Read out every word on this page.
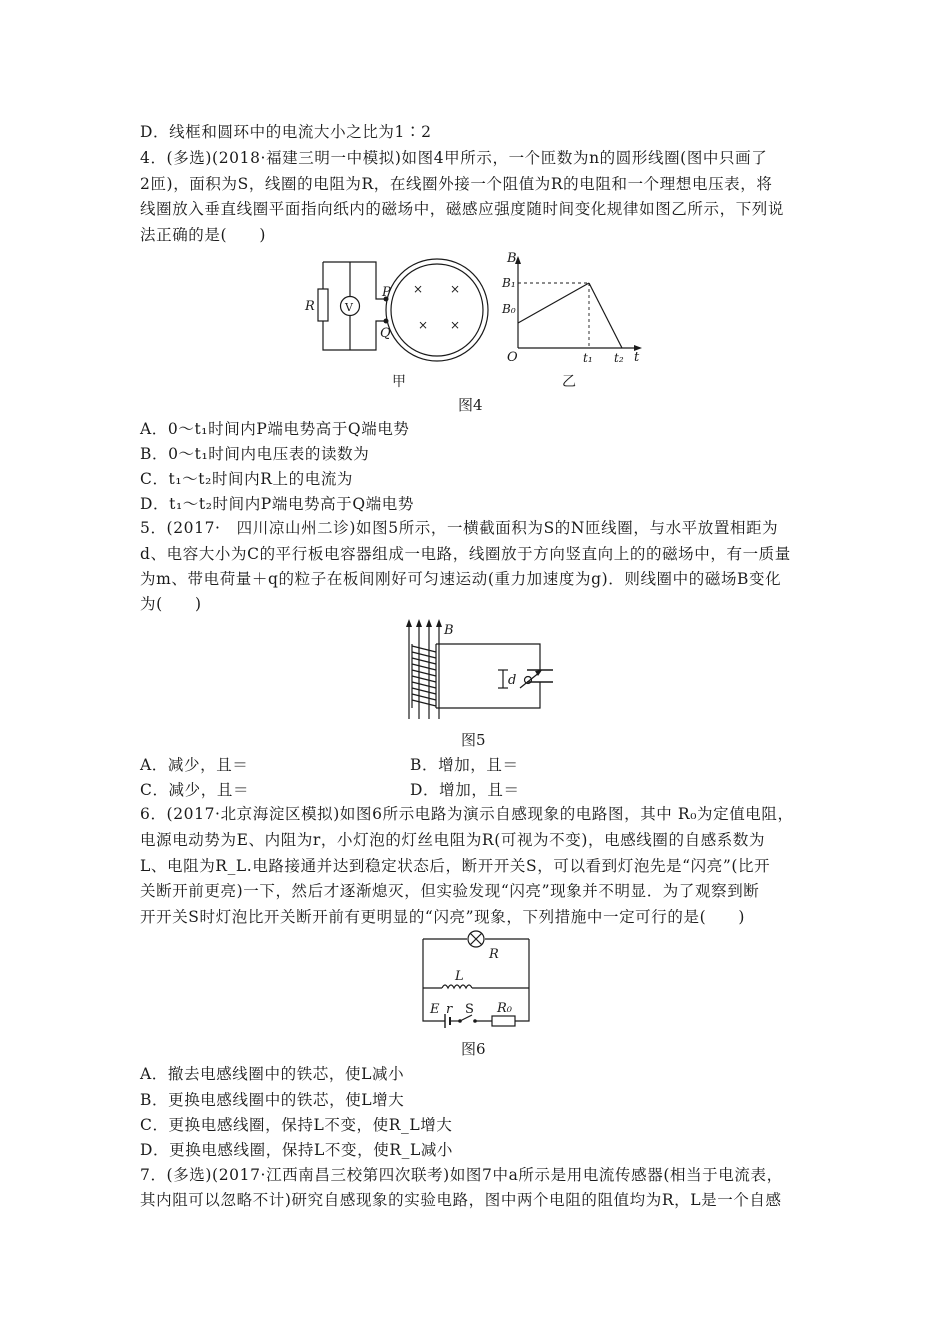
D．线框和圆环中的电流大小之比为1∶2
4．(多选)(2018·福建三明一中模拟)如图4甲所示，一个匝数为n的圆形线圈(图中只画了
2匝)，面积为S，线圈的电阻为R，在线圈外接一个阻值为R的电阻和一个理想电压表，将
线圈放入垂直线圈平面指向纸内的磁场中，磁感应强度随时间变化规律如图乙所示，下列说
法正确的是(　　)
R	V
P
Q
× ×
× ×
B
B₁
B₀
O	t₁ t₂ t
甲	乙
图4
A．0～t₁时间内P端电势高于Q端电势
B．0～t₁时间内电压表的读数为
C．t₁～t₂时间内R上的电流为
D．t₁～t₂时间内P端电势高于Q端电势
5．(2017·　四川凉山州二诊)如图5所示，一横截面积为S的N匝线圈，与水平放置相距为
d、电容大小为C的平行板电容器组成一电路，线圈放于方向竖直向上的的磁场中，有一质量
为m、带电荷量＋q的粒子在板间刚好可匀速运动(重力加速度为g)．则线圈中的磁场B变化
为(　　)
B
d
图5
A．减少，且＝	B．增加，且＝
C．减少，且＝	D．增加，且＝
6．(2017·北京海淀区模拟)如图6所示电路为演示自感现象的电路图，其中 R₀为定值电阻，
电源电动势为E、内阻为r，小灯泡的灯丝电阻为R(可视为不变)，电感线圈的自感系数为
L、电阻为R_L.电路接通并达到稳定状态后，断开开关S，可以看到灯泡先是“闪亮”(比开
关断开前更亮)一下，然后才逐渐熄灭，但实验发现“闪亮”现象并不明显．为了观察到断
开开关S时灯泡比开关断开前有更明显的“闪亮”现象，下列措施中一定可行的是(　　)
R
L
E r S R₀
图6
A．撤去电感线圈中的铁芯，使L减小
B．更换电感线圈中的铁芯，使L增大
C．更换电感线圈，保持L不变，使R_L增大
D．更换电感线圈，保持L不变，使R_L减小
7．(多选)(2017·江西南昌三校第四次联考)如图7中a所示是用电流传感器(相当于电流表，
其内阻可以忽略不计)研究自感现象的实验电路，图中两个电阻的阻值均为R，L是一个自感
